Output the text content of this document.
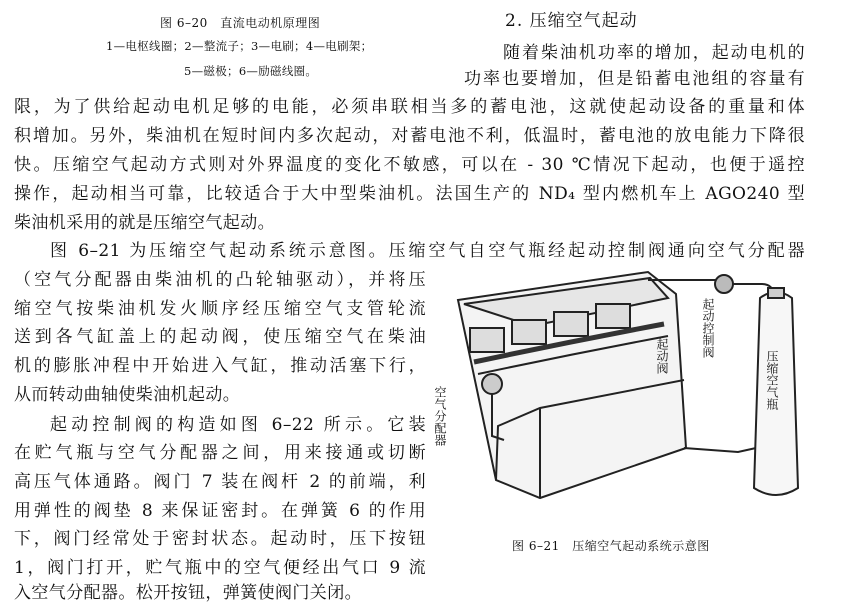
图 6–20　直流电动机原理图
1—电枢线圈；2—整流子；3—电刷；4—电刷架；
5—磁极；6—励磁线圈。
2. 压缩空气起动
随着柴油机功率的增加，起动电机的
功率也要增加，但是铅蓄电池组的容量有
限，为了供给起动电机足够的电能，必须串联相当多的蓄电池，这就使起动设备的重量和体
积增加。另外，柴油机在短时间内多次起动，对蓄电池不利，低温时，蓄电池的放电能力下降很
快。压缩空气起动方式则对外界温度的变化不敏感，可以在 - 30 ℃情况下起动，也便于遥控
操作，起动相当可靠，比较适合于大中型柴油机。法国生产的 ND₄ 型内燃机车上 AGO240 型
柴油机采用的就是压缩空气起动。
图 6–21 为压缩空气起动系统示意图。压缩空气自空气瓶经起动控制阀通向空气分配器
（空气分配器由柴油机的凸轮轴驱动），并将压
缩空气按柴油机发火顺序经压缩空气支管轮流
送到各气缸盖上的起动阀，使压缩空气在柴油
机的膨胀冲程中开始进入气缸，推动活塞下行，
从而转动曲轴使柴油机起动。
起动控制阀的构造如图 6–22 所示。它装
在贮气瓶与空气分配器之间，用来接通或切断
高压气体通路。阀门 7 装在阀杆 2 的前端，利
用弹性的阀垫 8 来保证密封。在弹簧 6 的作用
下，阀门经常处于密封状态。起动时，压下按钮
1，阀门打开，贮气瓶中的空气便经出气口 9 流
入空气分配器。松开按钮，弹簧使阀门关闭。
空气分配器
起动阀	起动控制阀
压缩空气瓶
图 6–21　压缩空气起动系统示意图
